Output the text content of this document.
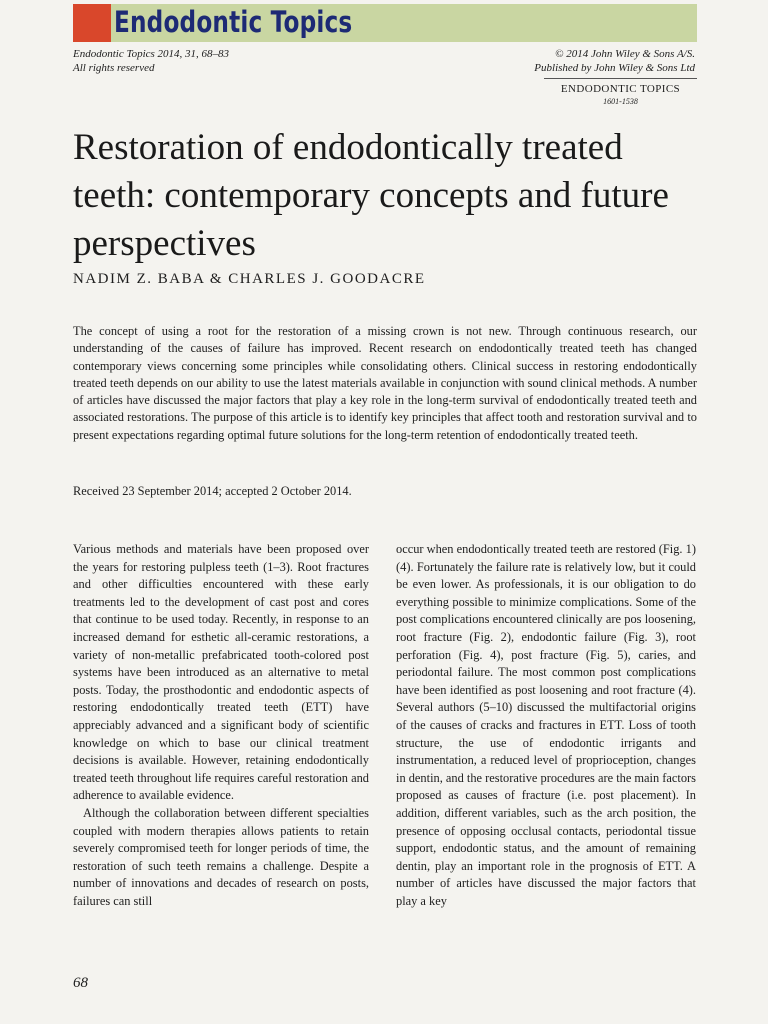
Endodontic Topics
Endodontic Topics 2014, 31, 68–83
All rights reserved
© 2014 John Wiley & Sons A/S.
Published by John Wiley & Sons Ltd
ENDODONTIC TOPICS
1601-1538
Restoration of endodontically treated teeth: contemporary concepts and future perspectives
NADIM Z. BABA & CHARLES J. GOODACRE

The concept of using a root for the restoration of a missing crown is not new. Through continuous research, our understanding of the causes of failure has improved. Recent research on endodontically treated teeth has changed contemporary views concerning some principles while consolidating others. Clinical success in restoring endodontically treated teeth depends on our ability to use the latest materials available in conjunction with sound clinical methods. A number of articles have discussed the major factors that play a key role in the long-term survival of endodontically treated teeth and associated restorations. The purpose of this article is to identify key principles that affect tooth and restoration survival and to present expectations regarding optimal future solutions for the long-term retention of endodontically treated teeth.

Received 23 September 2014; accepted 2 October 2014.

Various methods and materials have been proposed over the years for restoring pulpless teeth (1–3). Root fractures and other difficulties encountered with these early treatments led to the development of cast post and cores that continue to be used today. Recently, in response to an increased demand for esthetic all-ceramic restorations, a variety of non-metallic prefabricated tooth-colored post systems have been introduced as an alternative to metal posts. Today, the prosthodontic and endodontic aspects of restoring endodontically treated teeth (ETT) have appreciably advanced and a significant body of scientific knowledge on which to base our clinical treatment decisions is available. However, retaining endodontically treated teeth throughout life requires careful restoration and adherence to available evidence.

Although the collaboration between different specialties coupled with modern therapies allows patients to retain severely compromised teeth for longer periods of time, the restoration of such teeth remains a challenge. Despite a number of innovations and decades of research on posts, failures can still

occur when endodontically treated teeth are restored (Fig. 1) (4). Fortunately the failure rate is relatively low, but it could be even lower. As professionals, it is our obligation to do everything possible to minimize complications. Some of the post complications encountered clinically are pos loosening, root fracture (Fig. 2), endodontic failure (Fig. 3), root perforation (Fig. 4), post fracture (Fig. 5), caries, and periodontal failure. The most common post complications have been identified as post loosening and root fracture (4). Several authors (5–10) discussed the multifactorial origins of the causes of cracks and fractures in ETT. Loss of tooth structure, the use of endodontic irrigants and instrumentation, a reduced level of proprioception, changes in dentin, and the restorative procedures are the main factors proposed as causes of fracture (i.e. post placement). In addition, different variables, such as the arch position, the presence of opposing occlusal contacts, periodontal tissue support, endodontic status, and the amount of remaining dentin, play an important role in the prognosis of ETT. A number of articles have discussed the major factors that play a key

68
